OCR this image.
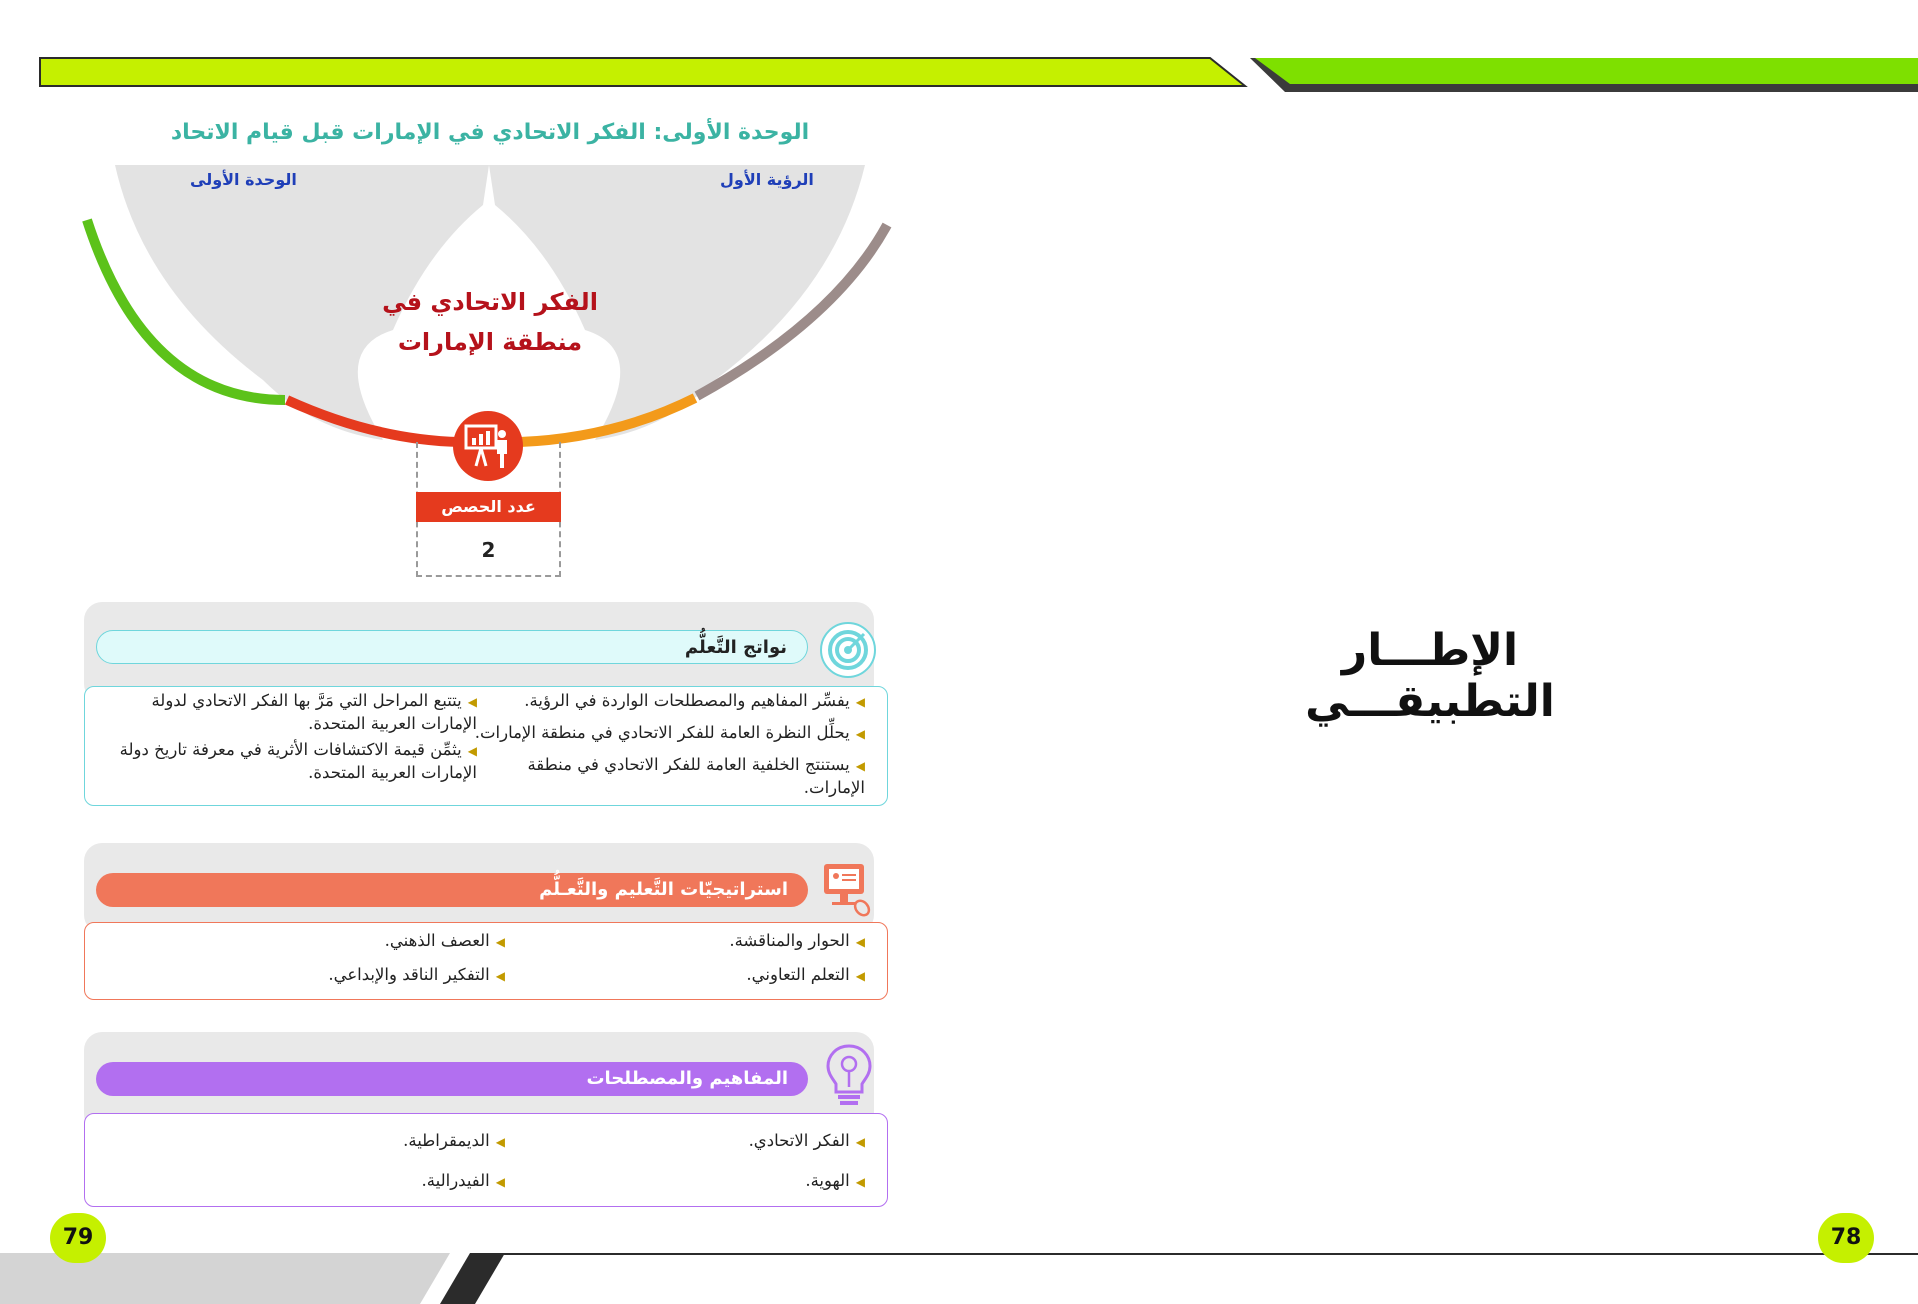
الوحدة الأولى: الفكر الاتحادي في الإمارات قبل قيام الاتحاد
الوحدة الأولى	الرؤية الأول
الفكر الاتحادي في
منطقة الإمارات
عدد الحصص
2
نواتج التَّعلُّم
◀يفسِّر المفاهيم والمصطلحات الواردة في الرؤية.
◀يحلِّل النظرة العامة للفكر الاتحادي في منطقة الإمارات.
◀يستنتج الخلفية العامة للفكر الاتحادي في منطقة الإمارات.
◀يتتبع المراحل التي مَرَّ بها الفكر الاتحادي لدولة الإمارات العربية المتحدة.
◀يثمِّن قيمة الاكتشافات الأثرية في معرفة تاريخ دولة الإمارات العربية المتحدة.
استراتيجيّات التَّعليم والتَّعـلُّم
◀الحوار والمناقشة.
◀التعلم التعاوني.
◀العصف الذهني.
◀التفكير الناقد والإبداعي.
المفاهيم والمصطلحات
◀الفكر الاتحادي.
◀الهوية.
◀الديمقراطية.
◀الفيدرالية.
الإطـــار التطبيقـــي
79	78
